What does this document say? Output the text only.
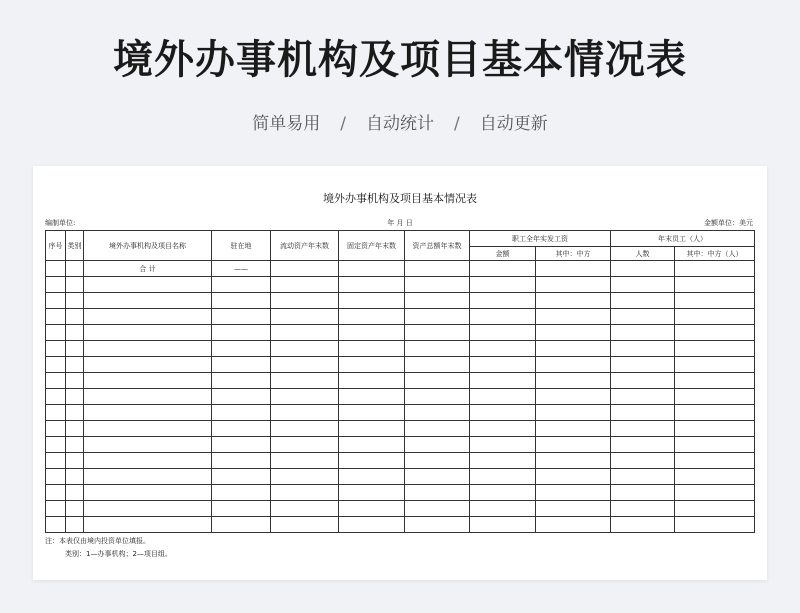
境外办事机构及项目基本情况表
简单易用 / 自动统计 / 自动更新
境外办事机构及项目基本情况表
编制单位:	年 月 日	金额单位：美元
序号	类别	境外办事机构及项目名称	驻在地	流动资产年末数	固定资产年末数	资产总额年末数	职工全年实发工资		年末员工（人）	
							金额	其中：中方	人数	其中：中方（人）
		合 计	——							

注：本表仅由境内投资单位填报。
类别：1—办事机构；2—项目组。
